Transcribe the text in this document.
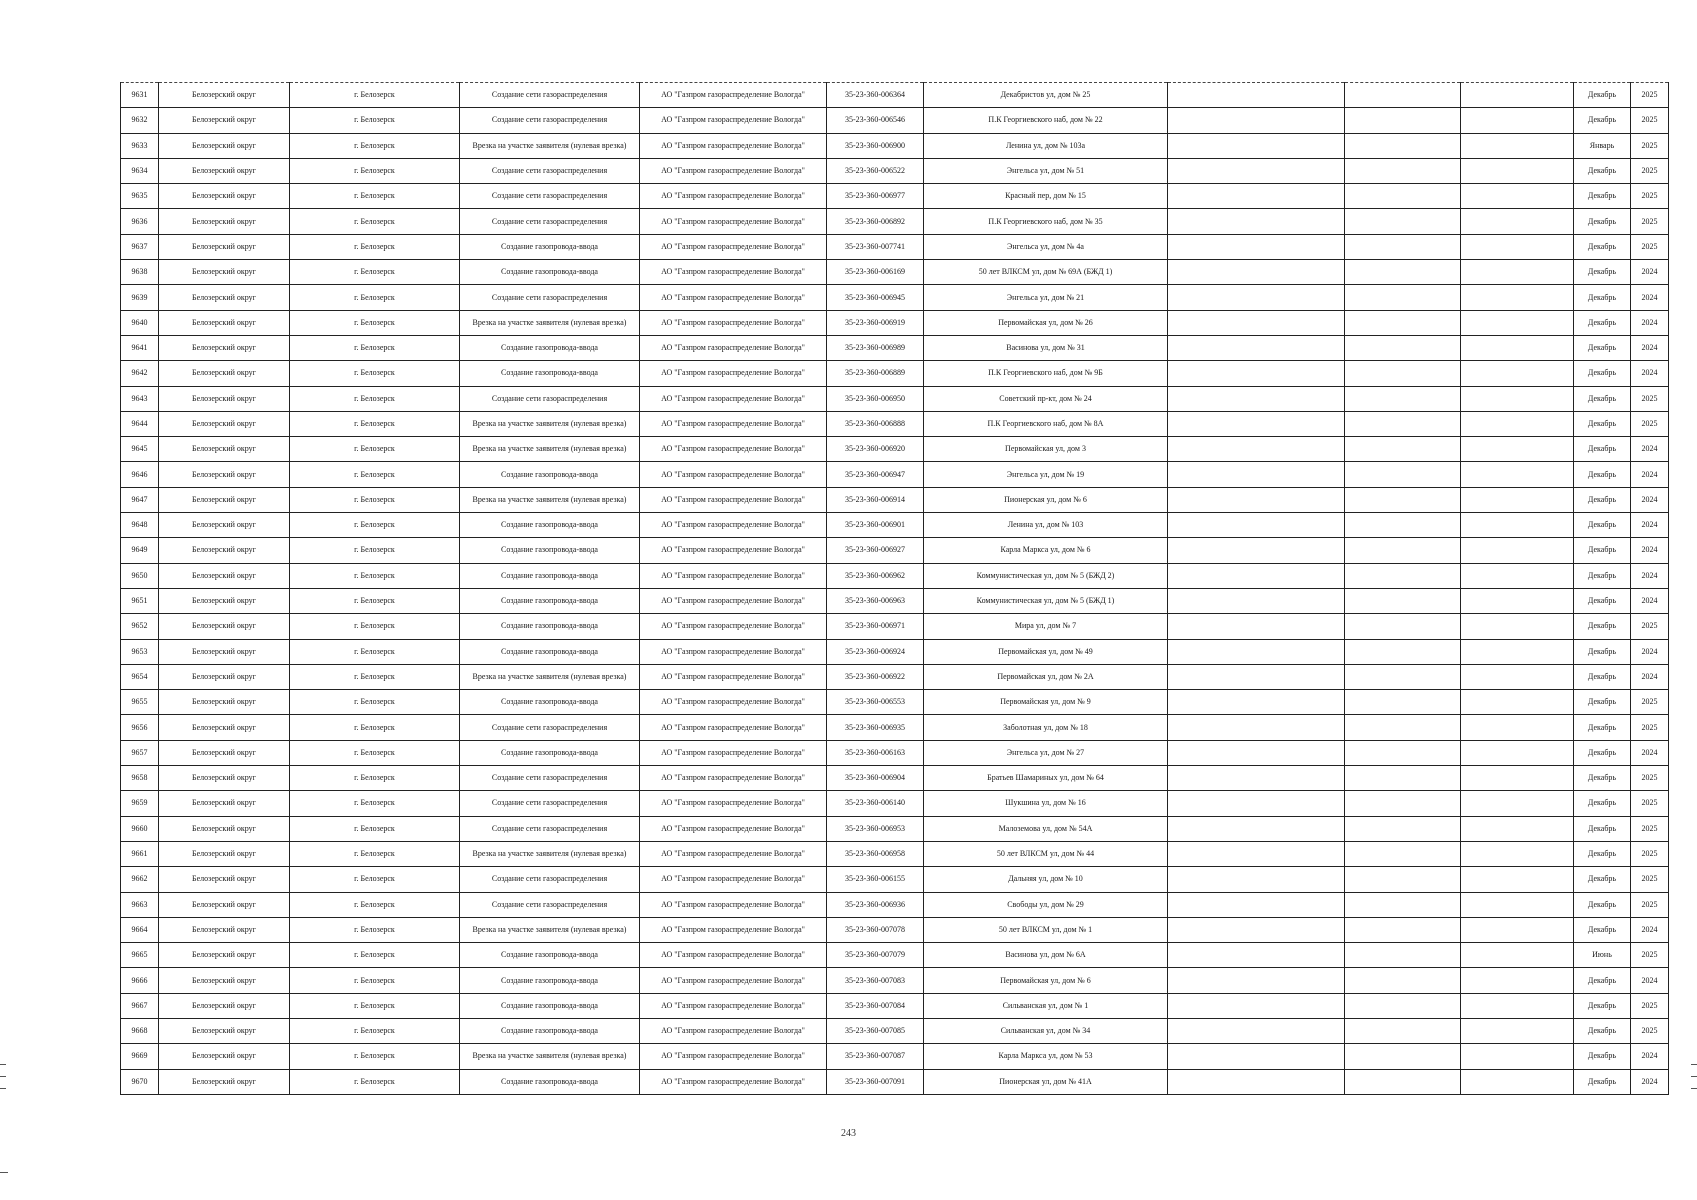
9631	Белозерский округ	г. Белозерск	Создание сети газораспределения	АО "Газпром газораспределение Вологда"	35-23-360-006364	Декабристов ул, дом № 25				Декабрь	2025
9632	Белозерский округ	г. Белозерск	Создание сети газораспределения	АО "Газпром газораспределение Вологда"	35-23-360-006546	П.К Георгиевского наб, дом № 22				Декабрь	2025
9633	Белозерский округ	г. Белозерск	Врезка на участке заявителя (нулевая врезка)	АО "Газпром газораспределение Вологда"	35-23-360-006900	Ленина ул, дом № 103а				Январь	2025
9634	Белозерский округ	г. Белозерск	Создание сети газораспределения	АО "Газпром газораспределение Вологда"	35-23-360-006522	Энгельса ул, дом № 51				Декабрь	2025
9635	Белозерский округ	г. Белозерск	Создание сети газораспределения	АО "Газпром газораспределение Вологда"	35-23-360-006977	Красный пер, дом № 15				Декабрь	2025
9636	Белозерский округ	г. Белозерск	Создание сети газораспределения	АО "Газпром газораспределение Вологда"	35-23-360-006892	П.К Георгиевского наб, дом № 35				Декабрь	2025
9637	Белозерский округ	г. Белозерск	Создание газопровода-ввода	АО "Газпром газораспределение Вологда"	35-23-360-007741	Энгельса ул, дом № 4а				Декабрь	2025
9638	Белозерский округ	г. Белозерск	Создание газопровода-ввода	АО "Газпром газораспределение Вологда"	35-23-360-006169	50 лет ВЛКСМ ул, дом № 69А (БЖД 1)				Декабрь	2024
9639	Белозерский округ	г. Белозерск	Создание сети газораспределения	АО "Газпром газораспределение Вологда"	35-23-360-006945	Энгельса ул, дом № 21				Декабрь	2024
9640	Белозерский округ	г. Белозерск	Врезка на участке заявителя (нулевая врезка)	АО "Газпром газораспределение Вологда"	35-23-360-006919	Первомайская ул, дом № 26				Декабрь	2024
9641	Белозерский округ	г. Белозерск	Создание газопровода-ввода	АО "Газпром газораспределение Вологда"	35-23-360-006989	Васинова ул, дом № 31				Декабрь	2024
9642	Белозерский округ	г. Белозерск	Создание газопровода-ввода	АО "Газпром газораспределение Вологда"	35-23-360-006889	П.К Георгиевского наб, дом № 9Б				Декабрь	2024
9643	Белозерский округ	г. Белозерск	Создание сети газораспределения	АО "Газпром газораспределение Вологда"	35-23-360-006950	Советский пр-кт, дом № 24				Декабрь	2025
9644	Белозерский округ	г. Белозерск	Врезка на участке заявителя (нулевая врезка)	АО "Газпром газораспределение Вологда"	35-23-360-006888	П.К Георгиевского наб, дом № 8А				Декабрь	2025
9645	Белозерский округ	г. Белозерск	Врезка на участке заявителя (нулевая врезка)	АО "Газпром газораспределение Вологда"	35-23-360-006920	Первомайская ул, дом 3				Декабрь	2024
9646	Белозерский округ	г. Белозерск	Создание газопровода-ввода	АО "Газпром газораспределение Вологда"	35-23-360-006947	Энгельса ул, дом № 19				Декабрь	2024
9647	Белозерский округ	г. Белозерск	Врезка на участке заявителя (нулевая врезка)	АО "Газпром газораспределение Вологда"	35-23-360-006914	Пионерская ул, дом № 6				Декабрь	2024
9648	Белозерский округ	г. Белозерск	Создание газопровода-ввода	АО "Газпром газораспределение Вологда"	35-23-360-006901	Ленина ул, дом № 103				Декабрь	2024
9649	Белозерский округ	г. Белозерск	Создание газопровода-ввода	АО "Газпром газораспределение Вологда"	35-23-360-006927	Карла Маркса ул, дом № 6				Декабрь	2024
9650	Белозерский округ	г. Белозерск	Создание газопровода-ввода	АО "Газпром газораспределение Вологда"	35-23-360-006962	Коммунистическая ул, дом № 5 (БЖД 2)				Декабрь	2024
9651	Белозерский округ	г. Белозерск	Создание газопровода-ввода	АО "Газпром газораспределение Вологда"	35-23-360-006963	Коммунистическая ул, дом № 5 (БЖД 1)				Декабрь	2024
9652	Белозерский округ	г. Белозерск	Создание газопровода-ввода	АО "Газпром газораспределение Вологда"	35-23-360-006971	Мира ул, дом № 7				Декабрь	2025
9653	Белозерский округ	г. Белозерск	Создание газопровода-ввода	АО "Газпром газораспределение Вологда"	35-23-360-006924	Первомайская ул, дом № 49				Декабрь	2024
9654	Белозерский округ	г. Белозерск	Врезка на участке заявителя (нулевая врезка)	АО "Газпром газораспределение Вологда"	35-23-360-006922	Первомайская ул, дом № 2А				Декабрь	2024
9655	Белозерский округ	г. Белозерск	Создание газопровода-ввода	АО "Газпром газораспределение Вологда"	35-23-360-006553	Первомайская ул, дом № 9				Декабрь	2025
9656	Белозерский округ	г. Белозерск	Создание сети газораспределения	АО "Газпром газораспределение Вологда"	35-23-360-006935	Заболотная ул, дом № 18				Декабрь	2025
9657	Белозерский округ	г. Белозерск	Создание газопровода-ввода	АО "Газпром газораспределение Вологда"	35-23-360-006163	Энгельса ул, дом № 27				Декабрь	2024
9658	Белозерский округ	г. Белозерск	Создание сети газораспределения	АО "Газпром газораспределение Вологда"	35-23-360-006904	Братьев Шамариных ул, дом № 64				Декабрь	2025
9659	Белозерский округ	г. Белозерск	Создание сети газораспределения	АО "Газпром газораспределение Вологда"	35-23-360-006140	Шукшина ул, дом № 16				Декабрь	2025
9660	Белозерский округ	г. Белозерск	Создание сети газораспределения	АО "Газпром газораспределение Вологда"	35-23-360-006953	Малоземова ул, дом № 54А				Декабрь	2025
9661	Белозерский округ	г. Белозерск	Врезка на участке заявителя (нулевая врезка)	АО "Газпром газораспределение Вологда"	35-23-360-006958	50 лет ВЛКСМ ул, дом № 44				Декабрь	2025
9662	Белозерский округ	г. Белозерск	Создание сети газораспределения	АО "Газпром газораспределение Вологда"	35-23-360-006155	Дальняя ул, дом № 10				Декабрь	2025
9663	Белозерский округ	г. Белозерск	Создание сети газораспределения	АО "Газпром газораспределение Вологда"	35-23-360-006936	Свободы ул, дом № 29				Декабрь	2025
9664	Белозерский округ	г. Белозерск	Врезка на участке заявителя (нулевая врезка)	АО "Газпром газораспределение Вологда"	35-23-360-007078	50 лет ВЛКСМ ул, дом № 1				Декабрь	2024
9665	Белозерский округ	г. Белозерск	Создание газопровода-ввода	АО "Газпром газораспределение Вологда"	35-23-360-007079	Васинова ул, дом № 6А				Июнь	2025
9666	Белозерский округ	г. Белозерск	Создание газопровода-ввода	АО "Газпром газораспределение Вологда"	35-23-360-007083	Первомайская ул, дом № 6				Декабрь	2024
9667	Белозерский округ	г. Белозерск	Создание газопровода-ввода	АО "Газпром газораспределение Вологда"	35-23-360-007084	Сильванская ул, дом № 1				Декабрь	2025
9668	Белозерский округ	г. Белозерск	Создание газопровода-ввода	АО "Газпром газораспределение Вологда"	35-23-360-007085	Сильванская ул, дом № 34				Декабрь	2025
9669	Белозерский округ	г. Белозерск	Врезка на участке заявителя (нулевая врезка)	АО "Газпром газораспределение Вологда"	35-23-360-007087	Карла Маркса ул, дом № 53				Декабрь	2024
9670	Белозерский округ	г. Белозерск	Создание газопровода-ввода	АО "Газпром газораспределение Вологда"	35-23-360-007091	Пионерская ул, дом № 41А				Декабрь	2024
243
